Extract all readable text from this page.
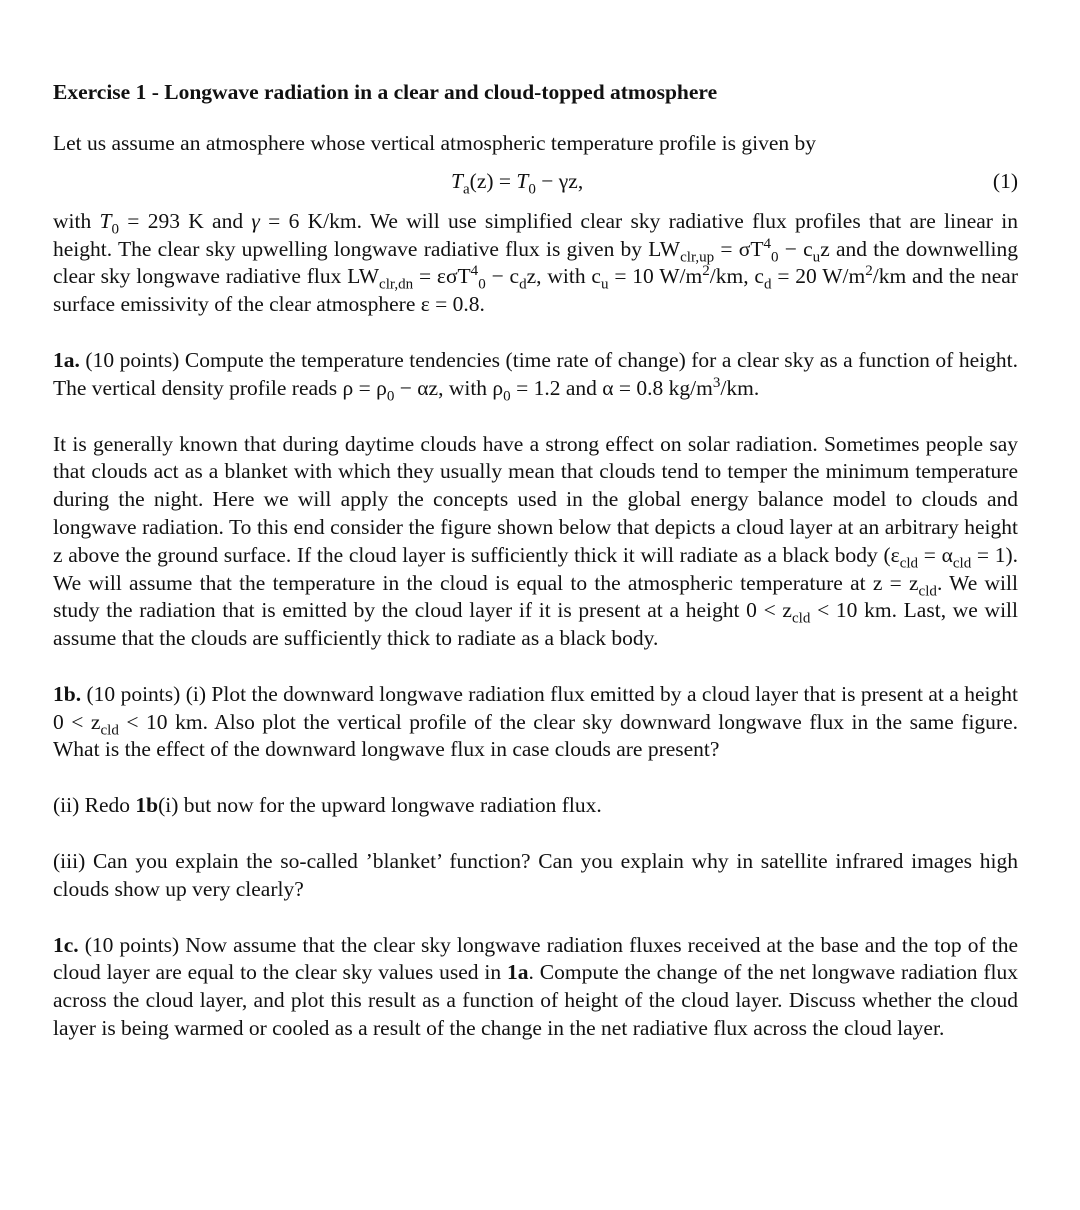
Exercise 1 - Longwave radiation in a clear and cloud-topped atmosphere

Let us assume an atmosphere whose vertical atmospheric temperature profile is given by

$T_a(z) = T_0 - \gamma z$,	(1)

with $T_0 = 293$ K and γ = 6 K/km. We will use simplified clear sky radiative flux profiles that are linear in height. The clear sky upwelling longwave radiative flux is given by $LW_{clr,up} = \sigma T^4_0 - c_uz$ and the downwelling clear sky longwave radiative flux $LW_{clr,dn} = \varepsilon\sigma T^4_0 - c_dz$, with $c_u = 10$ $W/m^2/km$, $c_d = 20$ $W/m^2/km$ and the near surface emissivity of the clear atmosphere ε = 0.8.

1a. (10 points) Compute the temperature tendencies (time rate of change) for a clear sky as a function of height. The vertical density profile reads $\rho = \rho_0 - \alpha z$, with $\rho_0 = 1.2$ and α = 0.8 $kg/m^3/km$.

It is generally known that during daytime clouds have a strong effect on solar radiation. Sometimes people say that clouds act as a blanket with which they usually mean that clouds tend to temper the minimum temperature during the night. Here we will apply the concepts used in the global energy balance model to clouds and longwave radiation. To this end consider the figure shown below that depicts a cloud layer at an arbitrary height z above the ground surface. If the cloud layer is sufficiently thick it will radiate as a black body $(\varepsilon_{cld} = \alpha_{cld} = 1)$. We will assume that the temperature in the cloud is equal to the atmospheric temperature at $z = z_{cld}$. We will study the radiation that is emitted by the cloud layer if it is present at a height $0 < z_{cld} < 10$ km. Last, we will assume that the clouds are sufficiently thick to radiate as a black body.

1b. (10 points) (i) Plot the downward longwave radiation flux emitted by a cloud layer that is present at a height $0 < z_{cld} < 10$ km. Also plot the vertical profile of the clear sky downward longwave flux in the same figure. What is the effect of the downward longwave flux in case clouds are present?

(ii) Redo 1b(i) but now for the upward longwave radiation flux.

(iii) Can you explain the so-called ’blanket’ function? Can you explain why in satellite infrared images high clouds show up very clearly?

1c. (10 points) Now assume that the clear sky longwave radiation fluxes received at the base and the top of the cloud layer are equal to the clear sky values used in 1a. Compute the change of the net longwave radiation flux across the cloud layer, and plot this result as a function of height of the cloud layer. Discuss whether the cloud layer is being warmed or cooled as a result of the change in the net radiative flux across the cloud layer.
